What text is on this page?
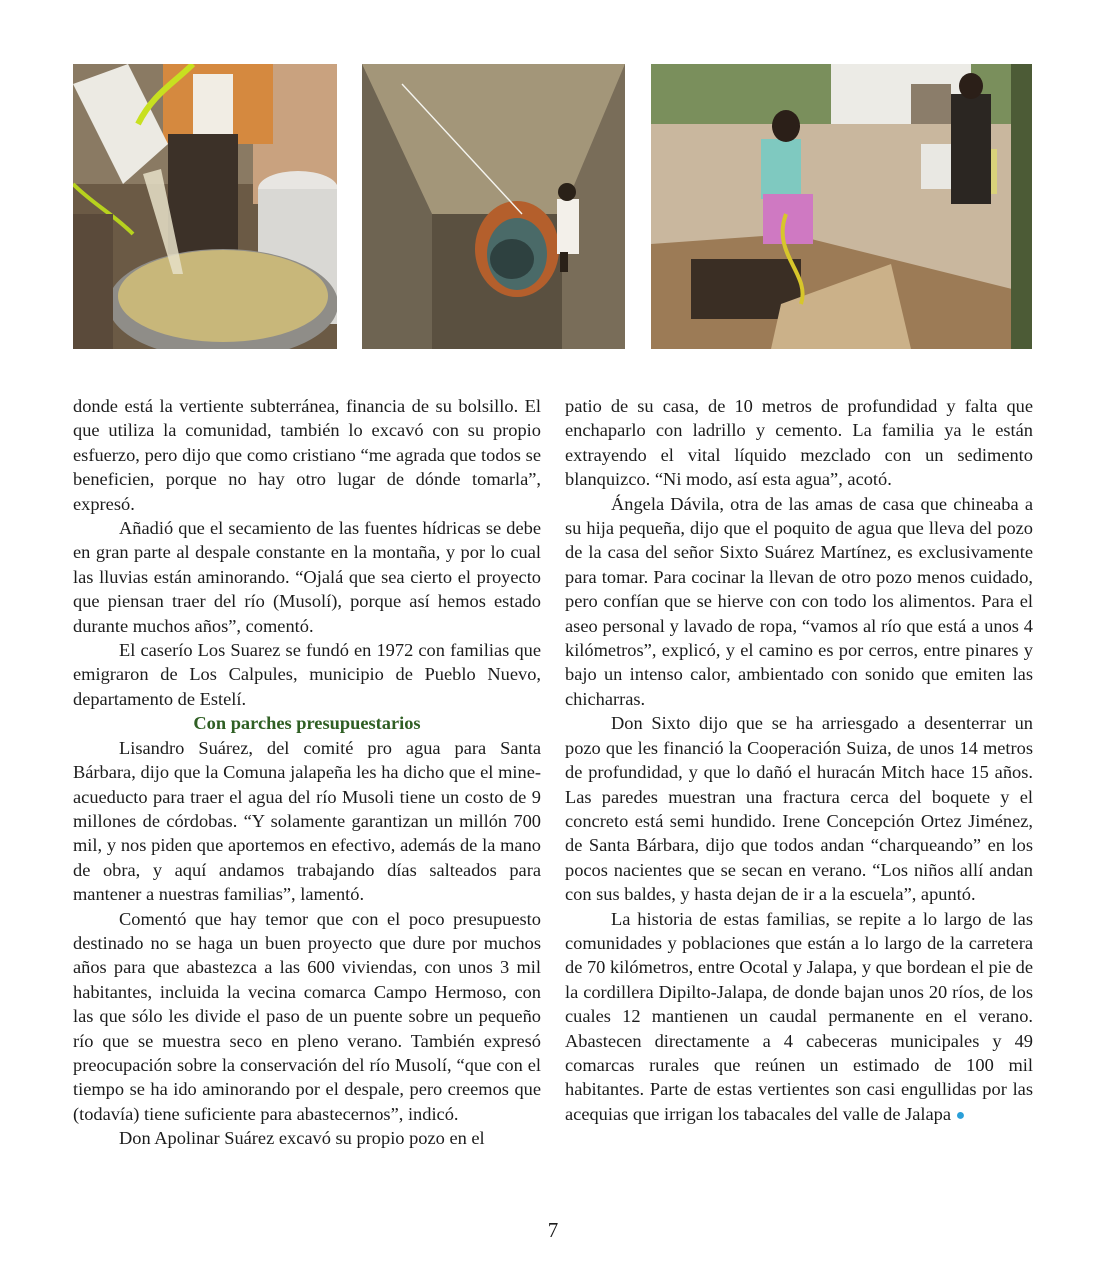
donde está la vertiente subterránea, financia de su bolsillo. El que utiliza la comunidad, también lo excavó con su propio esfuerzo, pero dijo que como cristiano “me agrada que todos se beneficien, porque no hay otro lugar de dónde tomarla”, expresó.

Añadió que el secamiento de las fuentes hídricas se debe en gran parte al despale constante en la montaña, y por lo cual las lluvias están aminorando. “Ojalá que sea cierto el proyecto que piensan traer del río (Musolí), porque así hemos estado durante muchos años”, comentó.

El caserío Los Suarez se fundó en 1972 con familias que emigraron de Los Calpules, municipio de Pueblo Nuevo, departamento de Estelí.

Con parches presupuestarios

Lisandro Suárez, del comité pro agua para Santa Bárbara, dijo que la Comuna jalapeña les ha dicho que el mine-acueducto para traer el agua del río Musoli tiene un costo de 9 millones de córdobas. “Y solamente garantizan un millón 700 mil, y nos piden que aportemos en efectivo, además de la mano de obra, y aquí andamos trabajando días salteados para mantener a nuestras familias”, lamentó.

Comentó que hay temor que con el poco presupuesto destinado no se haga un buen proyecto que dure por muchos años para que abastezca a las 600 viviendas, con unos 3 mil habitantes, incluida la vecina comarca Campo Hermoso, con las que sólo les divide el paso de un puente sobre un pequeño río que se muestra seco en pleno verano. También expresó preocupación sobre la conservación del río Musolí, “que con el tiempo se ha ido aminorando por el despale, pero creemos que (todavía) tiene suficiente para abastecernos”, indicó.

Don Apolinar Suárez excavó su propio pozo en el

patio de su casa, de 10 metros de profundidad y falta que enchaparlo con ladrillo y cemento. La familia ya le están extrayendo el vital líquido mezclado con un sedimento blanquizco. “Ni modo, así esta agua”, acotó.

Ángela Dávila, otra de las amas de casa que chineaba a su hija pequeña, dijo que el poquito de agua que lleva del pozo de la casa del señor Sixto Suárez Martínez, es exclusivamente para tomar. Para cocinar la llevan de otro pozo menos cuidado, pero confían que se hierve con con todo los alimentos. Para el aseo personal y lavado de ropa, “vamos al río que está a unos 4 kilómetros”, explicó, y el camino es por cerros, entre pinares y bajo un intenso calor, ambientado con sonido que emiten las chicharras.

Don Sixto dijo que se ha arriesgado a desenterrar un pozo que les financió la Cooperación Suiza, de unos 14 metros de profundidad, y que lo dañó el huracán Mitch hace 15 años. Las paredes muestran una fractura cerca del boquete y el concreto está semi hundido. Irene Concepción Ortez Jiménez, de Santa Bárbara, dijo que todos andan “charqueando” en los pocos nacientes que se secan en verano. “Los niños allí andan con sus baldes, y hasta dejan de ir a la escuela”, apuntó.

La historia de estas familias, se repite a lo largo de las comunidades y poblaciones que están a lo largo de la carretera de 70 kilómetros, entre Ocotal y Jalapa, y que bordean el pie de la cordillera Dipilto-Jalapa, de donde bajan unos 20 ríos, de los cuales 12 mantienen un caudal permanente en el verano. Abastecen directamente a 4 cabeceras municipales y 49 comarcas rurales que reúnen un estimado de 100 mil habitantes. Parte de estas vertientes son casi engullidas por las acequias que irrigan los tabacales del valle de Jalapa ●

7
